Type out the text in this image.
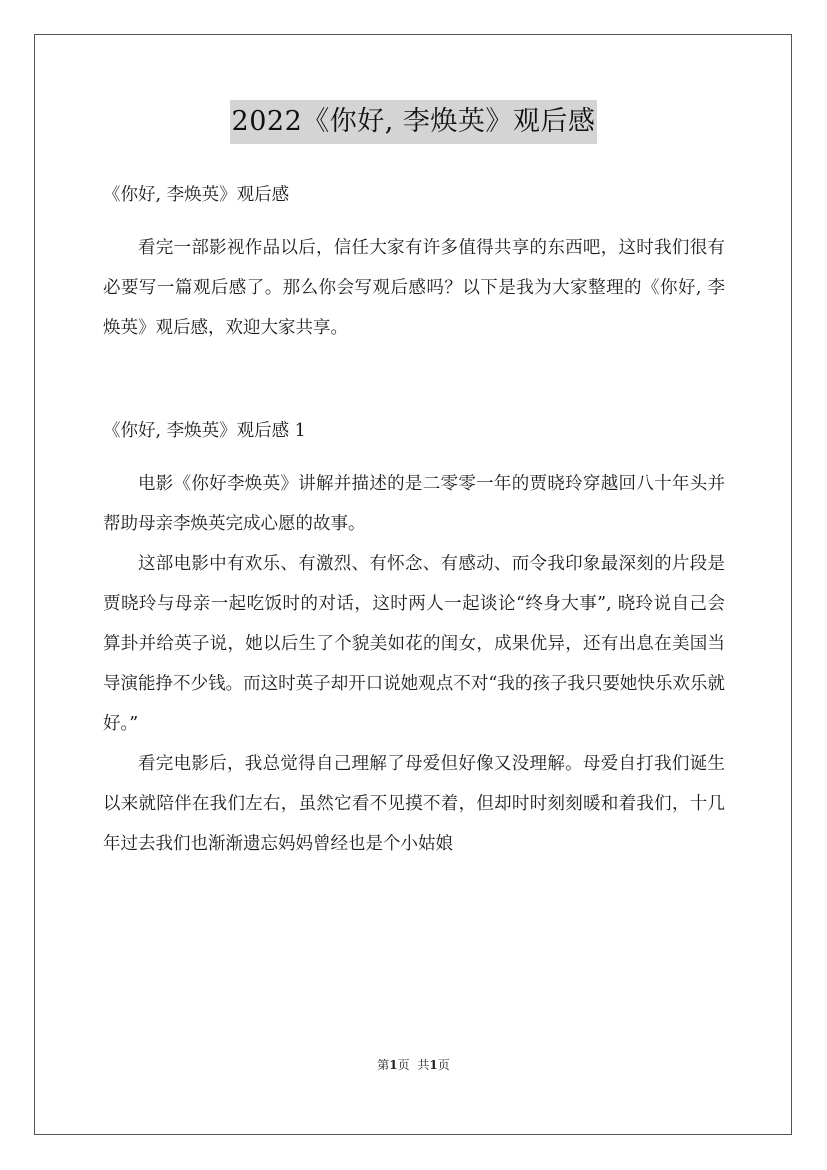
2022《你好, 李焕英》观后感

《你好, 李焕英》观后感

看完一部影视作品以后，信任大家有许多值得共享的东西吧，这时我们很有必要写一篇观后感了。那么你会写观后感吗？以下是我为大家整理的《你好, 李焕英》观后感，欢迎大家共享。

《你好, 李焕英》观后感 1

电影《你好李焕英》讲解并描述的是二零零一年的贾晓玲穿越回八十年头并帮助母亲李焕英完成心愿的故事。

这部电影中有欢乐、有激烈、有怀念、有感动、而令我印象最深刻的片段是贾晓玲与母亲一起吃饭时的对话，这时两人一起谈论“终身大事”, 晓玲说自己会算卦并给英子说，她以后生了个貌美如花的闺女，成果优异，还有出息在美国当导演能挣不少钱。而这时英子却开口说她观点不对“我的孩子我只要她快乐欢乐就好。”

看完电影后，我总觉得自己理解了母爱但好像又没理解。母爱自打我们诞生以来就陪伴在我们左右，虽然它看不见摸不着，但却时时刻刻暖和着我们，十几年过去我们也渐渐遗忘妈妈曾经也是个小姑娘

第1页 共1页
